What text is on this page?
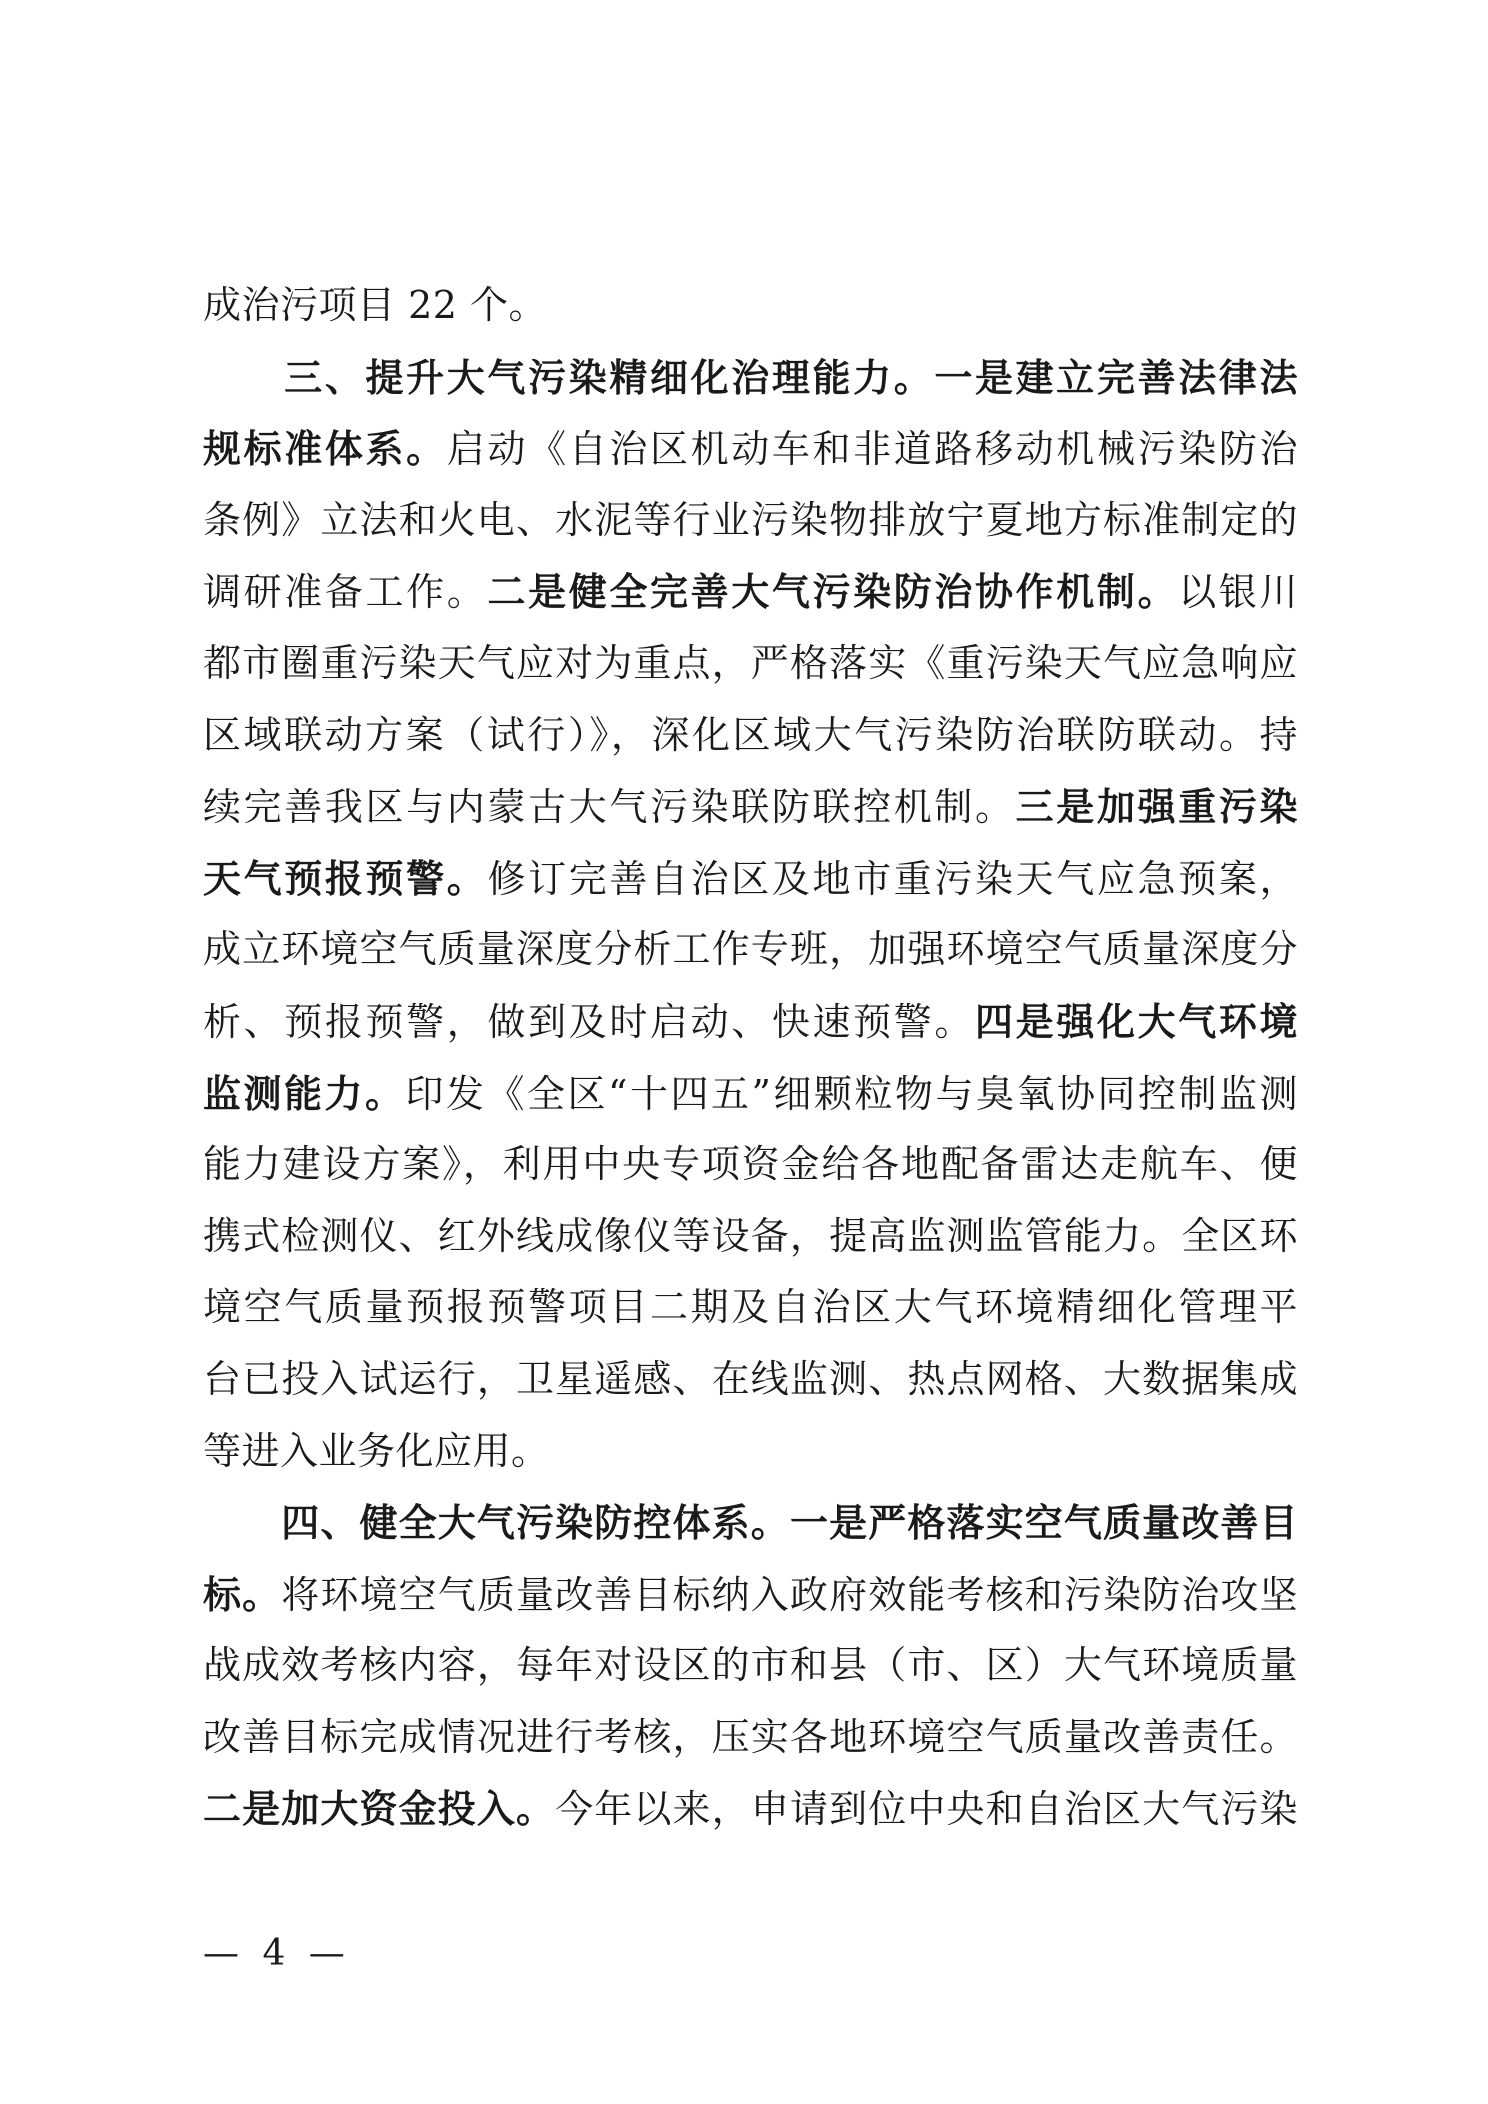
成治污项目 22 个。
　　三、提升大气污染精细化治理能力。一是建立完善法律法
规标准体系。启动《自治区机动车和非道路移动机械污染防治
条例》立法和火电、水泥等行业污染物排放宁夏地方标准制定的
调研准备工作。二是健全完善大气污染防治协作机制。以银川
都市圈重污染天气应对为重点，严格落实《重污染天气应急响应
区域联动方案（试行）》，深化区域大气污染防治联防联动。持
续完善我区与内蒙古大气污染联防联控机制。三是加强重污染
天气预报预警。修订完善自治区及地市重污染天气应急预案，
成立环境空气质量深度分析工作专班，加强环境空气质量深度分
析、预报预警，做到及时启动、快速预警。四是强化大气环境
监测能力。印发《全区“十四五”细颗粒物与臭氧协同控制监测
能力建设方案》，利用中央专项资金给各地配备雷达走航车、便
携式检测仪、红外线成像仪等设备，提高监测监管能力。全区环
境空气质量预报预警项目二期及自治区大气环境精细化管理平
台已投入试运行，卫星遥感、在线监测、热点网格、大数据集成
等进入业务化应用。
　　四、健全大气污染防控体系。一是严格落实空气质量改善目
标。将环境空气质量改善目标纳入政府效能考核和污染防治攻坚
战成效考核内容，每年对设区的市和县（市、区）大气环境质量
改善目标完成情况进行考核，压实各地环境空气质量改善责任。
二是加大资金投入。今年以来，申请到位中央和自治区大气污染
— 4 —
